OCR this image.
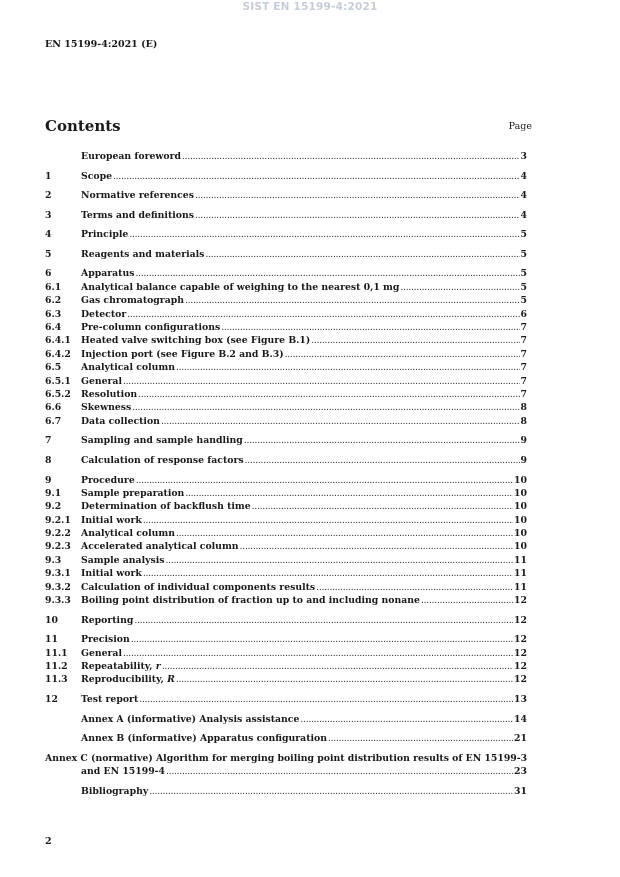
SIST EN 15199-4:2021
EN 15199-4:2021 (E)
Contents	Page
European foreword .....	3
1	Scope .....	4
2	Normative references .....	4
3	Terms and definitions .....	4
4	Principle .....	5
5	Reagents and materials .....	5
6	Apparatus .....	5
6.1	Analytical balance capable of weighing to the nearest 0,1 mg .....	5
6.2	Gas chromatograph .....	5
6.3	Detector .....	6
6.4	Pre-column configurations .....	7
6.4.1	Heated valve switching box (see Figure B.1) .....	7
6.4.2	Injection port (see Figure B.2 and B.3) .....	7
6.5	Analytical column .....	7
6.5.1	General .....	7
6.5.2	Resolution .....	7
6.6	Skewness .....	8
6.7	Data collection .....	8
7	Sampling and sample handling .....	9
8	Calculation of response factors .....	9
9	Procedure .....	10
9.1	Sample preparation .....	10
9.2	Determination of backflush time .....	10
9.2.1	Initial work .....	10
9.2.2	Analytical column .....	10
9.2.3	Accelerated analytical column .....	10
9.3	Sample analysis .....	11
9.3.1	Initial work .....	11
9.3.2	Calculation of individual components results .....	11
9.3.3	Boiling point distribution of fraction up to and including nonane .....	12
10	Reporting .....	12
11	Precision .....	12
11.1	General .....	12
11.2	Repeatability, r .....	12
11.3	Reproducibility, R .....	12
12	Test report .....	13
Annex A (informative) Analysis assistance .....	14
Annex B (informative) Apparatus configuration .....	21
Annex C (normative) Algorithm for merging boiling point distribution results of EN 15199-3
and EN 15199-4 .....	23
Bibliography .....	31
2
